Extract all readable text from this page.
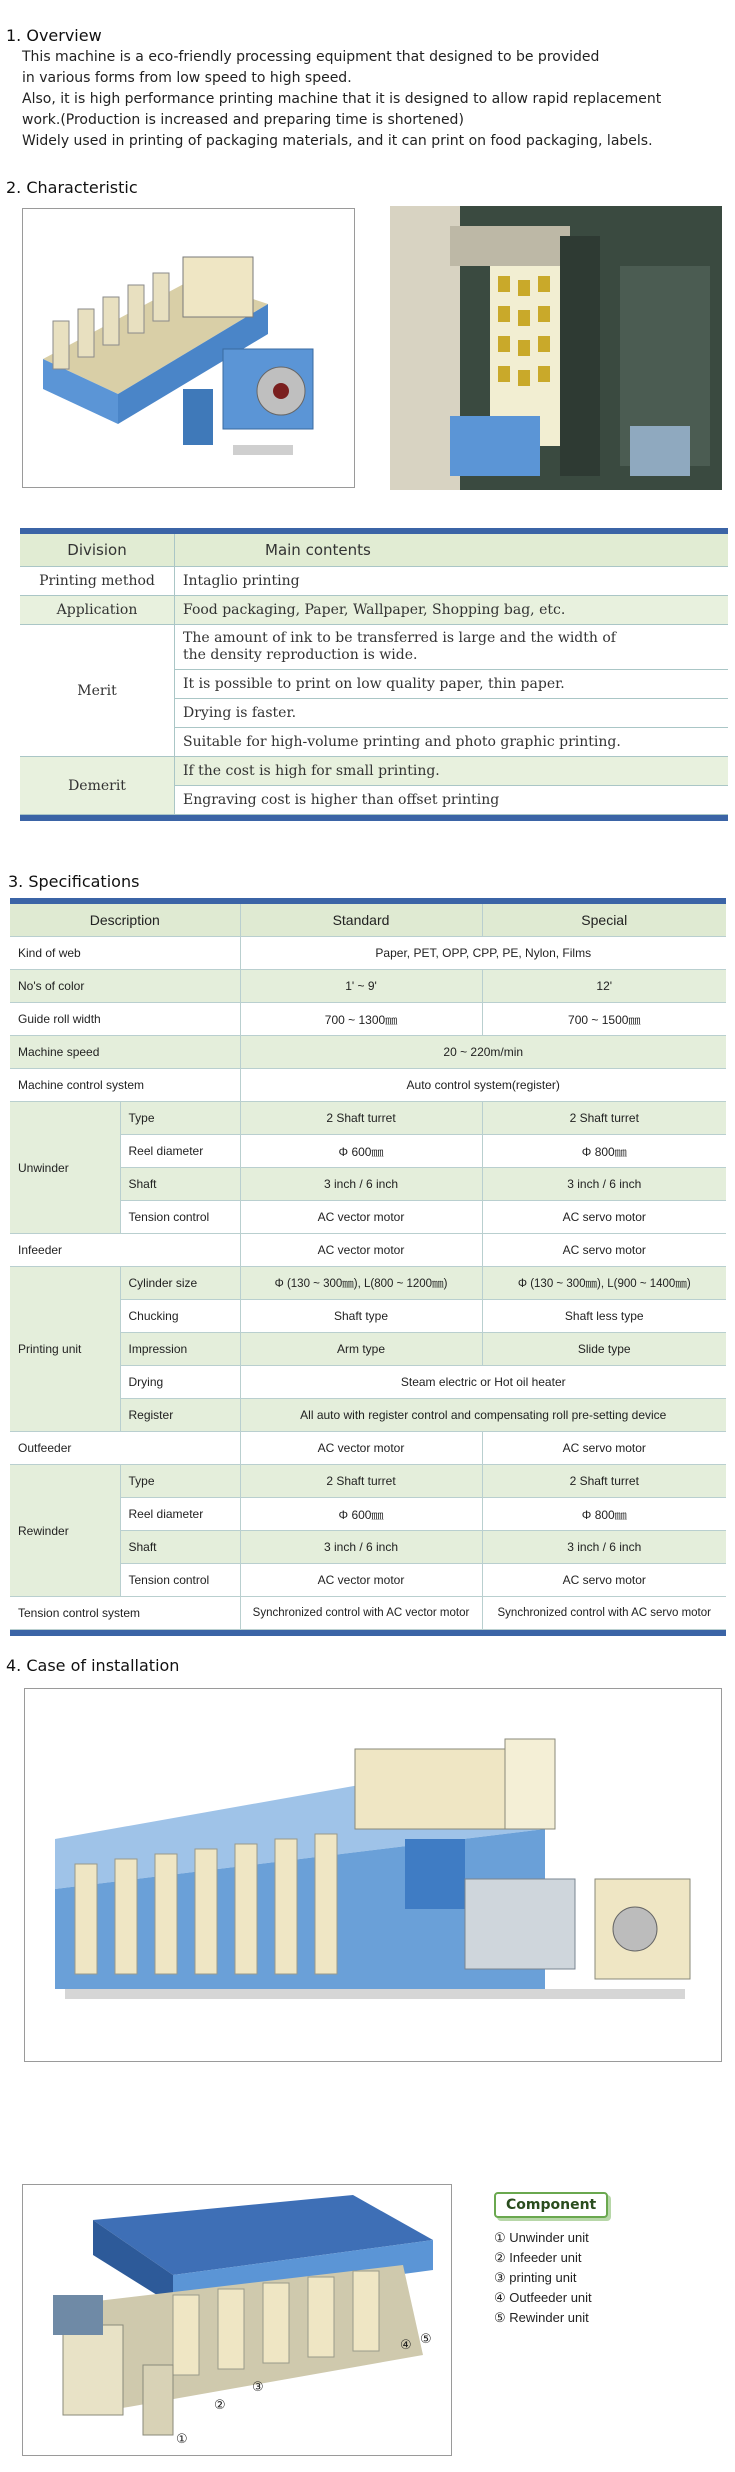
1. Overview
This machine is a eco-friendly processing equipment that designed to be provided
in various forms from low speed to high speed.
Also, it is high performance printing machine that it is designed to allow rapid replacement
work.(Production is increased and preparing time is shortened)
Widely used in printing of packaging materials, and it can print on food packaging, labels.
2. Characteristic
Division	Main contents
Printing method	Intaglio printing
Application	Food packaging, Paper, Wallpaper, Shopping bag, etc.
Merit	The amount of ink to be transferred is large and the width of
the density reproduction is wide.

	It is possible to print on low quality paper, thin paper.
	Drying is faster.
	Suitable for high-volume printing and photo graphic printing.
Demerit	If the cost is high for small printing.
	Engraving cost is higher than offset printing

3. Specifications
Description		Standard	Special
Kind of web		Paper, PET, OPP, CPP, PE, Nylon, Films	
No's of color		1' ~ 9'	12'
Guide roll width		700 ~ 1300㎜	700 ~ 1500㎜
Machine speed		20 ~ 220m/min	
Machine control system		Auto control system(register)	
Unwinder	Type	2 Shaft turret	2 Shaft turret
	Reel diameter	Φ 600㎜	Φ 800㎜
	Shaft	3 inch / 6 inch	3 inch / 6 inch
	Tension control	AC vector motor	AC servo motor
Infeeder		AC vector motor	AC servo motor
Printing unit	Cylinder size	Φ (130 ~ 300㎜), L(800 ~ 1200㎜)	Φ (130 ~ 300㎜), L(900 ~ 1400㎜)
	Chucking	Shaft type	Shaft less type
	Impression	Arm type	Slide type
	Drying	Steam electric or Hot oil heater	
	Register	All auto with register control and compensating roll pre-setting device	
Outfeeder		AC vector motor	AC servo motor
Rewinder	Type	2 Shaft turret	2 Shaft turret
	Reel diameter	Φ 600㎜	Φ 800㎜
	Shaft	3 inch / 6 inch	3 inch / 6 inch
	Tension control	AC vector motor	AC servo motor
Tension control system		Synchronized control with AC vector motor	Synchronized control with AC servo motor

4. Case of installation
①
②
③
④ ⑤
Component
① Unwinder unit
② Infeeder unit
③ printing unit
④ Outfeeder unit
⑤ Rewinder unit
